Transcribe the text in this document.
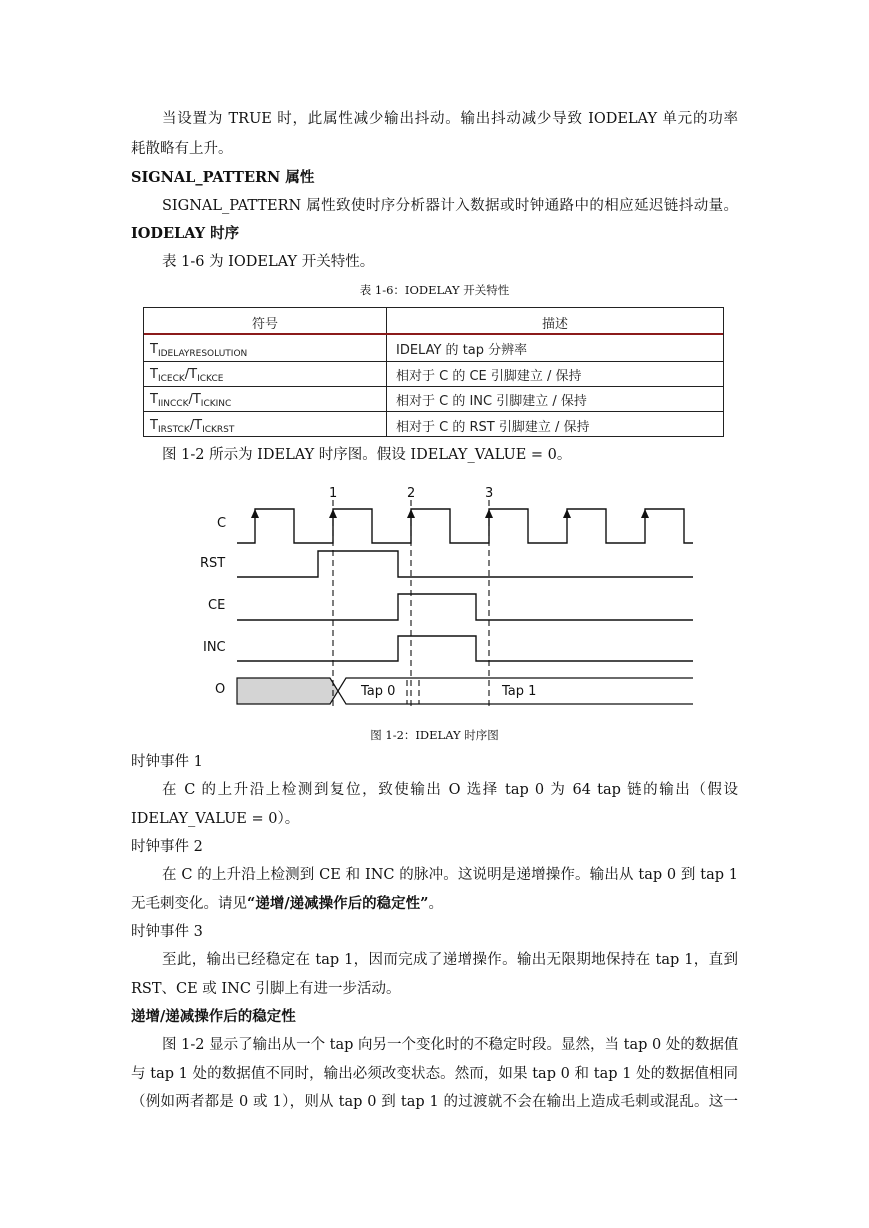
当设置为 TRUE 时，此属性减少输出抖动。输出抖动减少导致 IODELAY 单元的功率
耗散略有上升。
SIGNAL_PATTERN 属性
SIGNAL_PATTERN 属性致使时序分析器计入数据或时钟通路中的相应延迟链抖动量。
IODELAY 时序
表 1-6 为 IODELAY 开关特性。
表 1-6：IODELAY 开关特性
符号	描述
$T_{IDELAYRESOLUTION}$	IDELAY 的 tap 分辨率
$T_{ICECK}/T_{ICKCE}$	相对于 C 的 CE 引脚建立 / 保持
$T_{IINCCK}/T_{ICKINC}$	相对于 C 的 INC 引脚建立 / 保持
$T_{IRSTCK}/T_{ICKRST}$	相对于 C 的 RST 引脚建立 / 保持
图 1-2 所示为 IDELAY 时序图。假设 IDELAY_VALUE = 0。
1	2	3
C
RST
CE
INC
O	Tap 0	Tap 1
图 1-2：IDELAY 时序图
时钟事件 1
在 C 的上升沿上检测到复位，致使输出 O 选择 tap 0 为 64 tap 链的输出（假设
IDELAY_VALUE = 0）。
时钟事件 2
在 C 的上升沿上检测到 CE 和 INC 的脉冲。这说明是递增操作。输出从 tap 0 到 tap 1
无毛刺变化。请见“递增/递减操作后的稳定性”。
时钟事件 3
至此，输出已经稳定在 tap 1，因而完成了递增操作。输出无限期地保持在 tap 1，直到
RST、CE 或 INC 引脚上有进一步活动。
递增/递减操作后的稳定性
图 1-2 显示了输出从一个 tap 向另一个变化时的不稳定时段。显然，当 tap 0 处的数据值
与 tap 1 处的数据值不同时，输出必须改变状态。然而，如果 tap 0 和 tap 1 处的数据值相同
（例如两者都是 0 或 1），则从 tap 0 到 tap 1 的过渡就不会在输出上造成毛刺或混乱。这一
